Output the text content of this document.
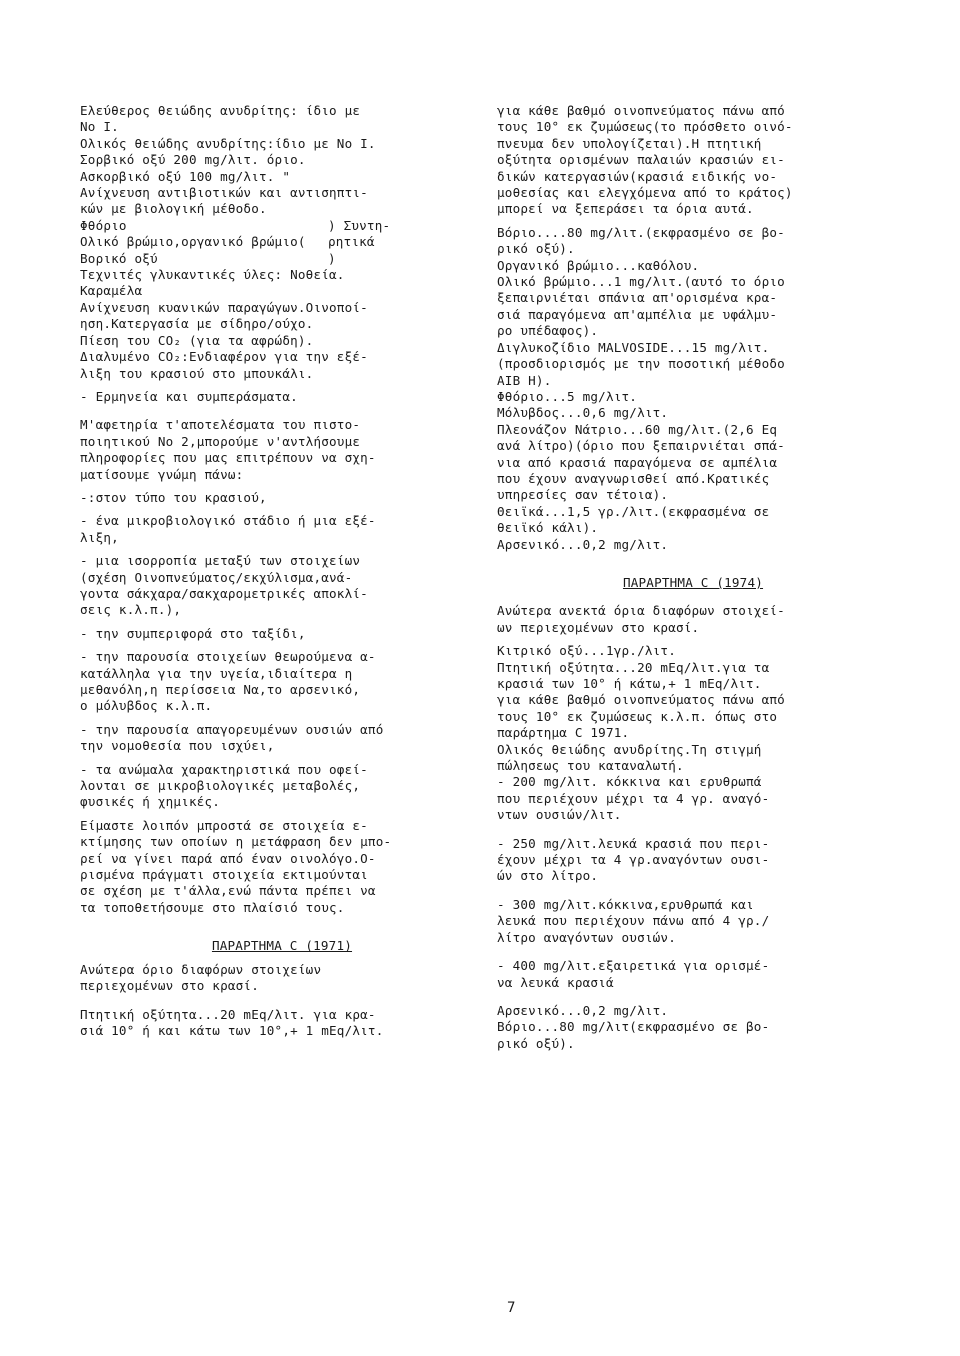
Ελεύθερος θειώδης ανυδρίτης: ίδιο με
Νο Ι.
Ολικός θειώδης ανυδρίτης:ίδιο με Νο Ι.
Σορβικό οξύ 200 mg/λιτ. όριο.
Ασκορβικό οξύ 100 mg/λιτ. "
Ανίχνευση αντιβιοτικών και αντισηπτι-
κών με βιολογική μέθοδο.
Φθόριο
Ολικό βρώμιο,οργανικό βρώμιο(
Βορικό οξύ
) Συντη-
ρητικά
)
Τεχνιτές γλυκαντικές ύλες: Νοθεία.
Καραμέλα
Ανίχνευση κυανικών παραγώγων.Οινοποί-
ηση.Κατεργασία με σίδηρο/ούχο.
Πίεση του CO₂ (για τα αφρώδη).
Διαλυμένο CO₂:Ενδιαφέρον για την εξέ-
λιξη του κρασιού στο μπουκάλι.
- Ερμηνεία και συμπεράσματα.
Μ'αφετηρία τ'αποτελέσματα του πιστο-
ποιητικού Νο 2,μπορούμε ν'αντλήσουμε
πληροφορίες που μας επιτρέπουν να σχη-
ματίσουμε γνώμη πάνω:
-:στον τύπο του κρασιού,
- ένα μικροβιολογικό στάδιο ή μια εξέ-
λιξη,
- μια ισορροπία μεταξύ των στοιχείων
(σχέση Οινοπνεύματος/εκχύλισμα,ανά-
γοντα σάκχαρα/σακχαρομετρικές αποκλί-
σεις κ.λ.π.),
- την συμπεριφορά στο ταξίδι,
- την παρουσία στοιχείων θεωρούμενα α-
κατάλληλα για την υγεία,ιδιαίτερα η
μεθανόλη,η περίσσεια Να,το αρσενικό,
ο μόλυβδος κ.λ.π.
- την παρουσία απαγορευμένων ουσιών από
την νομοθεσία που ισχύει,
- τα ανώμαλα χαρακτηριστικά που οφεί-
λονται σε μικροβιολογικές μεταβολές,
φυσικές ή χημικές.
Είμαστε λοιπόν μπροστά σε στοιχεία ε-
κτίμησης των οποίων η μετάφραση δεν μπο-
ρεί να γίνει παρά από έναν οινολόγο.Ο-
ρισμένα πράγματι στοιχεία εκτιμούνται
σε σχέση με τ'άλλα,ενώ πάντα πρέπει να
τα τοποθετήσουμε στο πλαίσιό τους.
ΠΑΡΑΡΤΗΜΑ C (1971)
Ανώτερα όριο διαφόρων στοιχείων
περιεχομένων στο κρασί.
Πτητική οξύτητα...20 mEq/λιτ. για κρα-
σιά 10° ή και κάτω των 10°,+ 1 mEq/λιτ.
για κάθε βαθμό οινοπνεύματος πάνω από
τους 10° εκ ζυμώσεως(το πρόσθετο οινό-
πνευμα δεν υπολογίζεται).Η πτητική
οξύτητα ορισμένων παλαιών κρασιών ει-
δικών κατεργασιών(κρασιά ειδικής νο-
μοθεσίας και ελεγχόμενα από το κράτος)
μπορεί να ξεπεράσει τα όρια αυτά.
Βόριο....80 mg/λιτ.(εκφρασμένο σε βο-
ρικό οξύ).
Οργανικό βρώμιο...καθόλου.
Ολικό βρώμιο...1 mg/λιτ.(αυτό το όριο
ξεπαιρνιέται σπάνια απ'ορισμένα κρα-
σιά παραγόμενα απ'αμπέλια με υφάλμυ-
ρο υπέδαφος).
Διγλυκοζίδιο MALVOSIDE...15 mg/λιτ.
(προσδιορισμός με την ποσοτική μέθοδο
AIB H).
Φθόριο...5 mg/λιτ.
Μόλυβδος...0,6 mg/λιτ.
Πλεονάζον Νάτριο...60 mg/λιτ.(2,6 Eq
ανά λίτρο)(όριο που ξεπαιρνιέται σπά-
νια από κρασιά παραγόμενα σε αμπέλια
που έχουν αναγνωρισθεί από.Κρατικές
υπηρεσίες σαν τέτοια).
Θειϊκά...1,5 γρ./λιτ.(εκφρασμένα σε
θειϊκό κάλι).
Αρσενικό...0,2 mg/λιτ.
ΠΑΡΑΡΤΗΜΑ C (1974)
Ανώτερα ανεκτά όρια διαφόρων στοιχεί-
ων περιεχομένων στο κρασί.
Κιτρικό οξύ...1γρ./λιτ.
Πτητική οξύτητα...20 mEq/λιτ.για τα
κρασιά των 10° ή κάτω,+ 1 mEq/λιτ.
για κάθε βαθμό οινοπνεύματος πάνω από
τους 10° εκ ζυμώσεως κ.λ.π. όπως στο
παράρτημα C 1971.
Ολικός θειώδης ανυδρίτης.Τη στιγμή
πώλησεως του καταναλωτή.
- 200 mg/λιτ. κόκκινα και ερυθρωπά
που περιέχουν μέχρι τα 4 γρ. αναγό-
ντων ουσιών/λιτ.
- 250 mg/λιτ.λευκά κρασιά που περι-
έχουν μέχρι τα 4 γρ.αναγόντων ουσι-
ών στο λίτρο.
- 300 mg/λιτ.κόκκινα,ερυθρωπά και
λευκά που περιέχουν πάνω από 4 γρ./
λίτρο αναγόντων ουσιών.
- 400 mg/λιτ.εξαιρετικά για ορισμέ-
να λευκά κρασιά
Αρσενικό...0,2 mg/λιτ.
Βόριο...80 mg/λιτ(εκφρασμένο σε βο-
ρικό οξύ).
7
